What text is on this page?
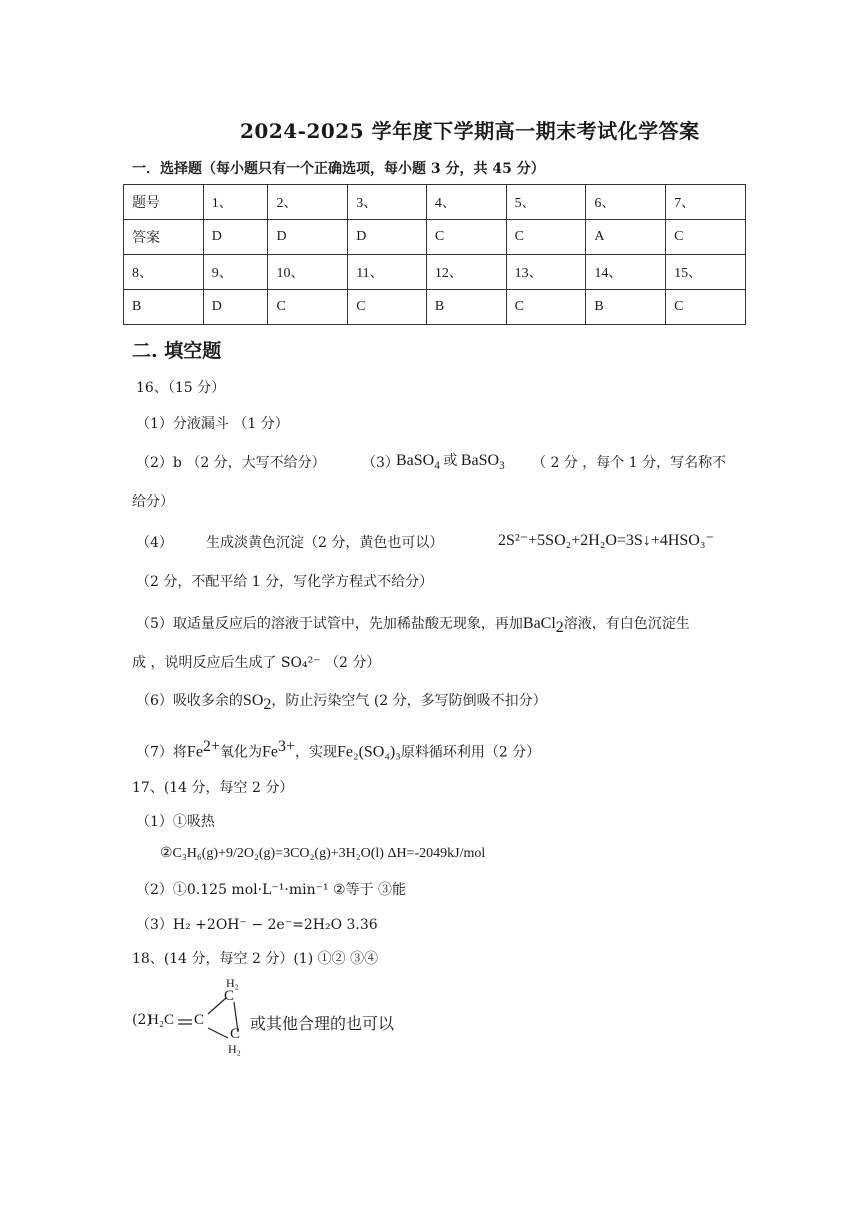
2024-2025 学年度下学期高一期末考试化学答案
一．选择题（每小题只有一个正确选项，每小题 3 分，共 45 分）
题号	1、	2、	3、	4、	5、	6、	7、
答案	D	D	D	C	C	A	C
8、	9、	10、	11、	12、	13、	14、	15、
B	D	C	C	B	C	B	C
二. 填空题
16、（15 分）
（1）分液漏斗 （1 分）
（2）b （2 分，大写不给分）	（3）
BaSO$_4$ 或 BaSO$_3$ （ 2 分 ，每个 1 分，写名称不
给分）
（4） 生成淡黄色沉淀（2 分，黄色也可以）	2S²⁻+5SO₂+2H₂O=3S↓+4HSO₃⁻
（2 分，不配平给 1 分，写化学方程式不给分）
（5）取适量反应后的溶液于试管中，先加稀盐酸无现象，再加BaCl$_2$溶液，有白色沉淀生
成 ，说明反应后生成了 SO₄²⁻ （2 分）
（6）吸收多余的$SO_2$，防止污染空气 (2 分，多写防倒吸不扣分）
（7）将$Fe^{2+}$氧化为$Fe^{3+}$，实现Fe₂(SO₄)₃原料循环利用（2 分）
17、(14 分，每空 2 分）
（1）①吸热
②C₃H₆(g)+9/2O₂(g)=3CO₂(g)+3H₂O(l) ΔH=-2049kJ/mol
（2）①0.125 mol·L⁻¹·min⁻¹ ②等于 ③能
（3）H₂ +2OH⁻ − 2e⁻=2H₂O 3.36
18、(14 分，每空 2 分）(1) ①② ③④
(2)
H₂C C
H₂
C
C
H₂
或其他合理的也可以
